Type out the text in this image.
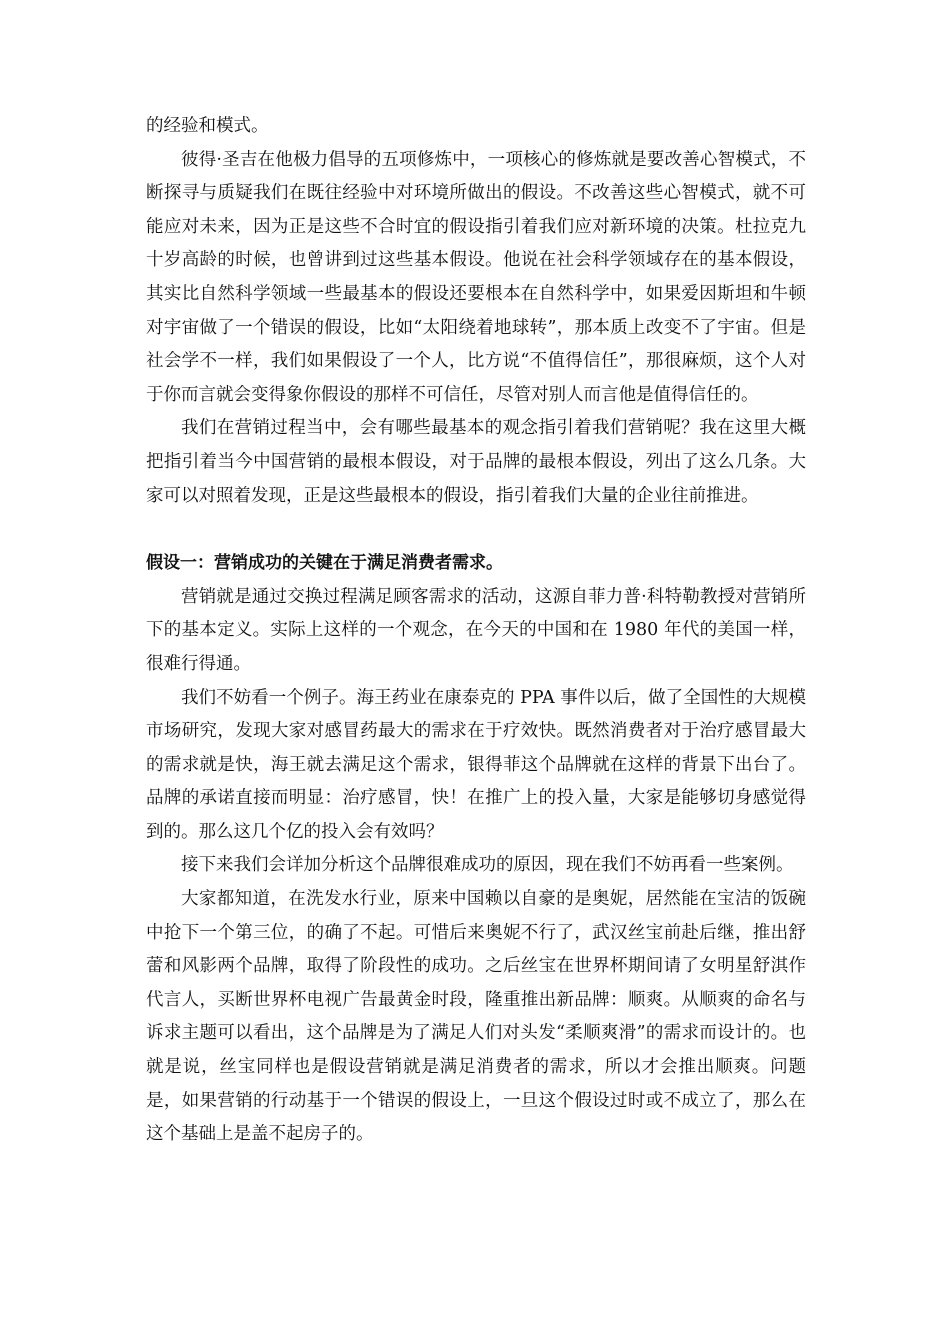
的经验和模式。

彼得·圣吉在他极力倡导的五项修炼中，一项核心的修炼就是要改善心智模式，不断探寻与质疑我们在既往经验中对环境所做出的假设。不改善这些心智模式，就不可能应对未来，因为正是这些不合时宜的假设指引着我们应对新环境的决策。杜拉克九十岁高龄的时候，也曾讲到过这些基本假设。他说在社会科学领域存在的基本假设，其实比自然科学领域一些最基本的假设还要根本在自然科学中，如果爱因斯坦和牛顿对宇宙做了一个错误的假设，比如“太阳绕着地球转”，那本质上改变不了宇宙。但是社会学不一样，我们如果假设了一个人，比方说“不值得信任”，那很麻烦，这个人对于你而言就会变得象你假设的那样不可信任，尽管对别人而言他是值得信任的。

我们在营销过程当中，会有哪些最基本的观念指引着我们营销呢？我在这里大概把指引着当今中国营销的最根本假设，对于品牌的最根本假设，列出了这么几条。大家可以对照着发现，正是这些最根本的假设，指引着我们大量的企业往前推进。

假设一：营销成功的关键在于满足消费者需求。

营销就是通过交换过程满足顾客需求的活动，这源自菲力普·科特勒教授对营销所下的基本定义。实际上这样的一个观念，在今天的中国和在 1980 年代的美国一样，很难行得通。

我们不妨看一个例子。海王药业在康泰克的 PPA 事件以后，做了全国性的大规模市场研究，发现大家对感冒药最大的需求在于疗效快。既然消费者对于治疗感冒最大的需求就是快，海王就去满足这个需求，银得菲这个品牌就在这样的背景下出台了。品牌的承诺直接而明显：治疗感冒，快！在推广上的投入量，大家是能够切身感觉得到的。那么这几个亿的投入会有效吗？

接下来我们会详加分析这个品牌很难成功的原因，现在我们不妨再看一些案例。

大家都知道，在洗发水行业，原来中国赖以自豪的是奥妮，居然能在宝洁的饭碗中抢下一个第三位，的确了不起。可惜后来奥妮不行了，武汉丝宝前赴后继，推出舒蕾和风影两个品牌，取得了阶段性的成功。之后丝宝在世界杯期间请了女明星舒淇作代言人，买断世界杯电视广告最黄金时段，隆重推出新品牌：顺爽。从顺爽的命名与诉求主题可以看出，这个品牌是为了满足人们对头发“柔顺爽滑”的需求而设计的。也就是说，丝宝同样也是假设营销就是满足消费者的需求，所以才会推出顺爽。问题是，如果营销的行动基于一个错误的假设上，一旦这个假设过时或不成立了，那么在这个基础上是盖不起房子的。
